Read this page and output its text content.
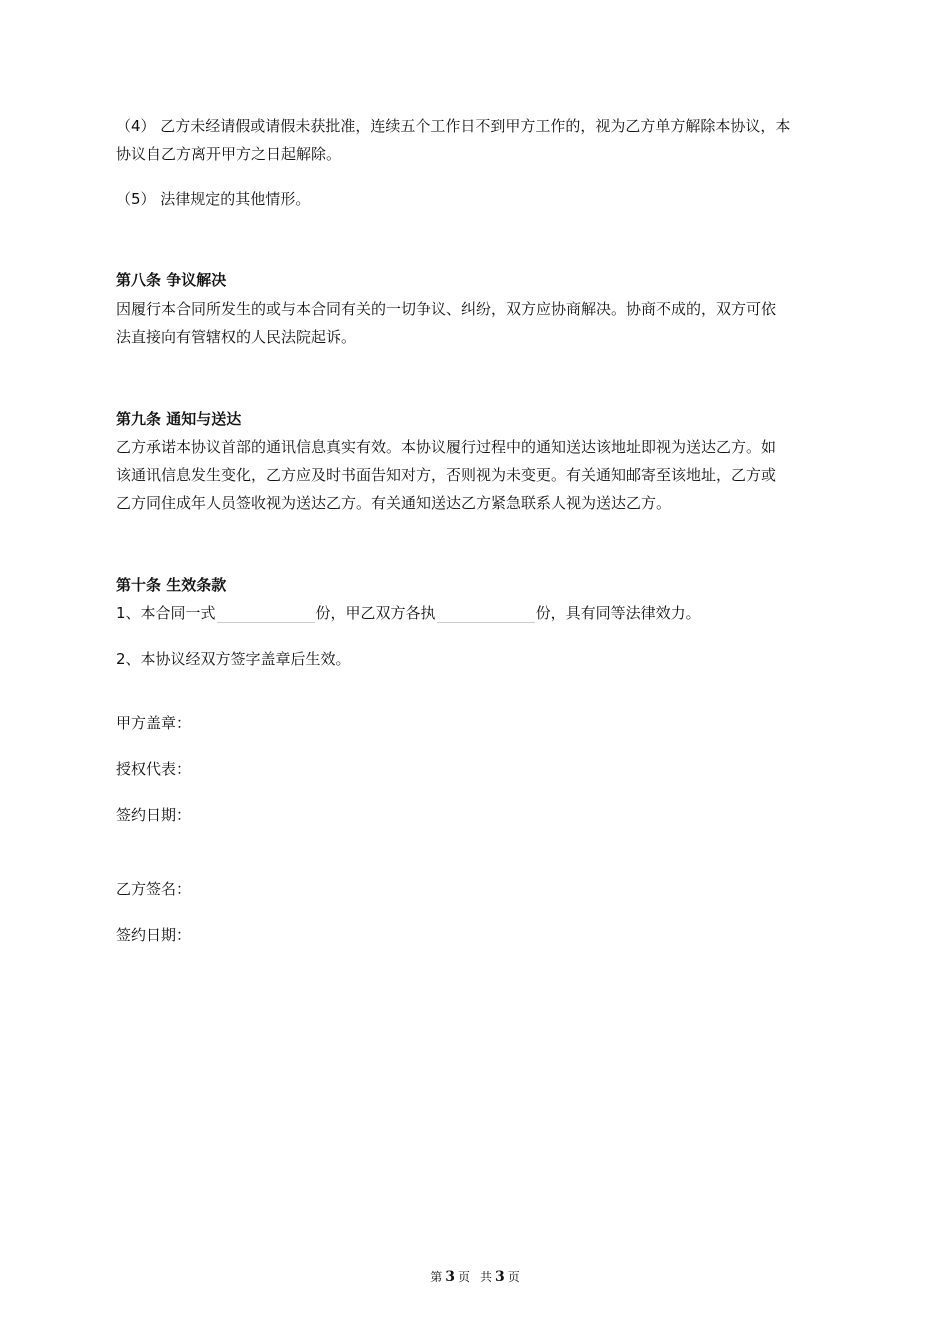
（4） 乙方未经请假或请假未获批准，连续五个工作日不到甲方工作的，视为乙方单方解除本协议，本
协议自乙方离开甲方之日起解除。
（5） 法律规定的其他情形。
第八条 争议解决
因履行本合同所发生的或与本合同有关的一切争议、纠纷，双方应协商解决。协商不成的，双方可依
法直接向有管辖权的人民法院起诉。
第九条 通知与送达
乙方承诺本协议首部的通讯信息真实有效。本协议履行过程中的通知送达该地址即视为送达乙方。如
该通讯信息发生变化，乙方应及时书面告知对方，否则视为未变更。有关通知邮寄至该地址，乙方或
乙方同住成年人员签收视为送达乙方。有关通知送达乙方紧急联系人视为送达乙方。
第十条 生效条款
1、本合同一式	份，甲乙双方各执	份，具有同等法律效力。
2、本协议经双方签字盖章后生效。
甲方盖章：
授权代表：
签约日期：
乙方签名：
签约日期：
第 3 页 共 3 页
